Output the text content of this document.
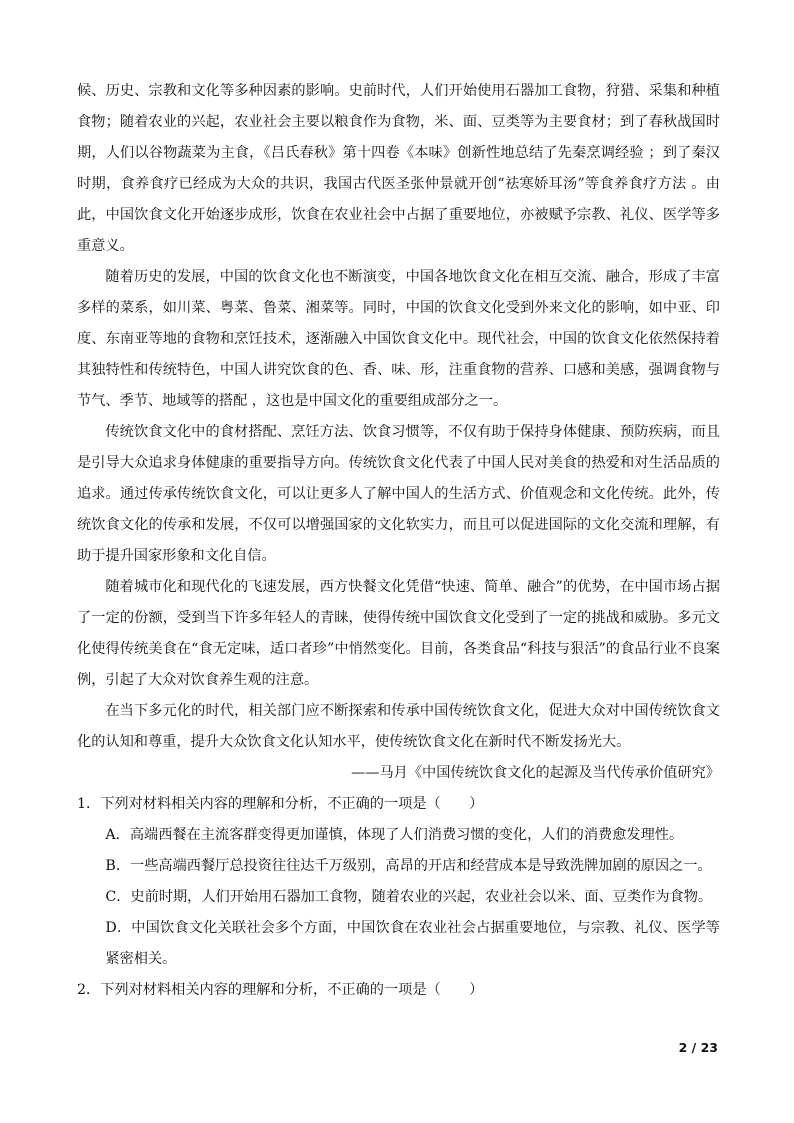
候、历史、宗教和文化等多种因素的影响。史前时代，人们开始使用石器加工食物，狩猎、采集和种植食物；随着农业的兴起，农业社会主要以粮食作为食物，米、面、豆类等为主要食材；到了春秋战国时期，人们以谷物蔬菜为主食，《吕氏春秋》第十四卷《本味》创新性地总结了先秦烹调经验 ；到了秦汉时期，食养食疗已经成为大众的共识，我国古代医圣张仲景就开创“祛寒娇耳汤”等食养食疗方法 。由此，中国饮食文化开始逐步成形，饮食在农业社会中占据了重要地位，亦被赋予宗教、礼仪、医学等多重意义。

随着历史的发展，中国的饮食文化也不断演变，中国各地饮食文化在相互交流、融合，形成了丰富多样的菜系，如川菜、粤菜、鲁菜、湘菜等。同时，中国的饮食文化受到外来文化的影响，如中亚、印度、东南亚等地的食物和烹饪技术，逐渐融入中国饮食文化中。现代社会，中国的饮食文化依然保持着其独特性和传统特色，中国人讲究饮食的色、香、味、形，注重食物的营养、口感和美感，强调食物与节气、季节、地域等的搭配 ，这也是中国文化的重要组成部分之一。

传统饮食文化中的食材搭配、烹饪方法、饮食习惯等，不仅有助于保持身体健康、预防疾病，而且是引导大众追求身体健康的重要指导方向。传统饮食文化代表了中国人民对美食的热爱和对生活品质的追求。通过传承传统饮食文化，可以让更多人了解中国人的生活方式、价值观念和文化传统。此外，传统饮食文化的传承和发展，不仅可以增强国家的文化软实力，而且可以促进国际的文化交流和理解，有助于提升国家形象和文化自信。

随着城市化和现代化的飞速发展，西方快餐文化凭借“快速、简单、融合”的优势，在中国市场占据了一定的份额，受到当下许多年轻人的青睐，使得传统中国饮食文化受到了一定的挑战和威胁。多元文化使得传统美食在“食无定味，适口者珍”中悄然变化。目前，各类食品“科技与狠活”的食品行业不良案例，引起了大众对饮食养生观的注意。

在当下多元化的时代，相关部门应不断探索和传承中国传统饮食文化，促进大众对中国传统饮食文化的认知和尊重，提升大众饮食文化认知水平，使传统饮食文化在新时代不断发扬光大。

——马月《中国传统饮食文化的起源及当代传承价值研究》

1．下列对材料相关内容的理解和分析，不正确的一项是（　　）

A．高端西餐在主流客群变得更加谨慎，体现了人们消费习惯的变化，人们的消费愈发理性。

B．一些高端西餐厅总投资往往达千万级别，高昂的开店和经营成本是导致洗牌加剧的原因之一。

C．史前时期，人们开始用石器加工食物，随着农业的兴起，农业社会以米、面、豆类作为食物。

D．中国饮食文化关联社会多个方面，中国饮食在农业社会占据重要地位，与宗教、礼仪、医学等紧密相关。

2．下列对材料相关内容的理解和分析，不正确的一项是（　　）

2 / 23
